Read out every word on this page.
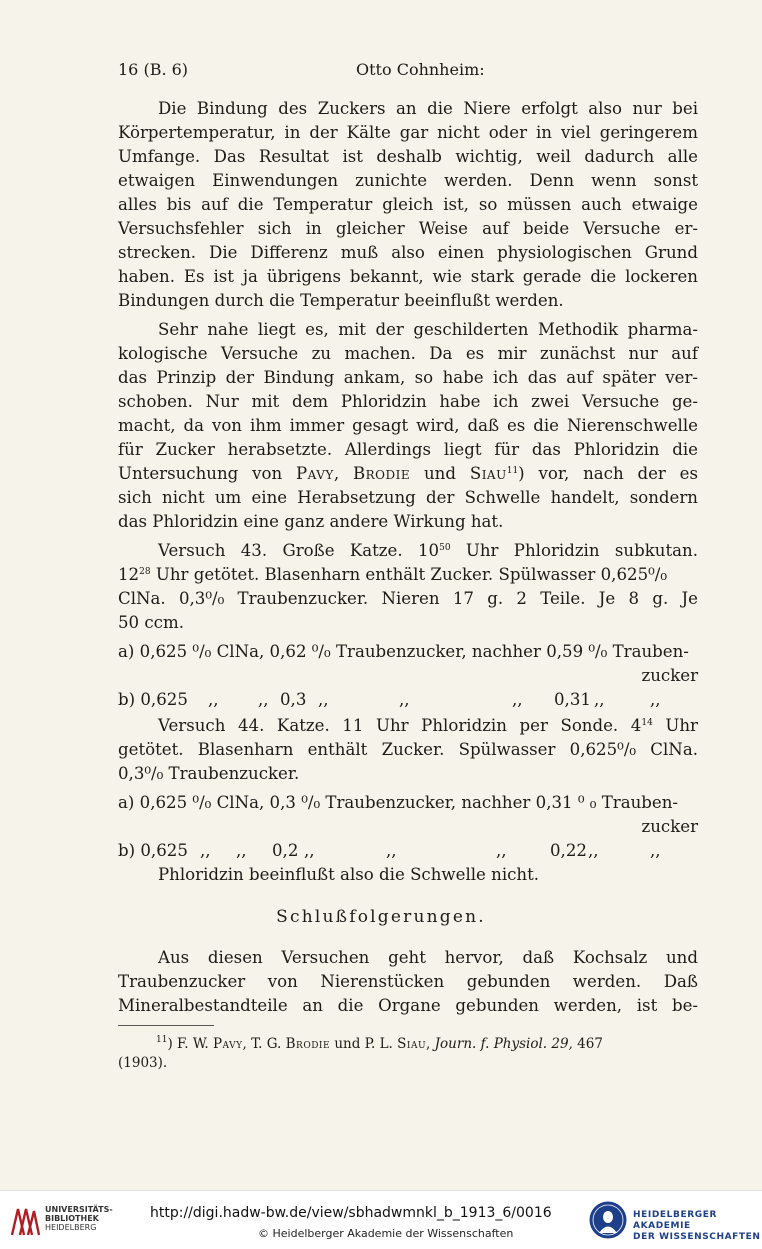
16 (B. 6)	Otto Cohnheim:
Die Bindung des Zuckers an die Niere erfolgt also nur bei
Körpertemperatur, in der Kälte gar nicht oder in viel geringerem
Umfange. Das Resultat ist deshalb wichtig, weil dadurch alle
etwaigen Einwendungen zunichte werden. Denn wenn sonst
alles bis auf die Temperatur gleich ist, so müssen auch etwaige
Versuchsfehler sich in gleicher Weise auf beide Versuche er-
strecken. Die Differenz muß also einen physiologischen Grund
haben. Es ist ja übrigens bekannt, wie stark gerade die lockeren
Bindungen durch die Temperatur beeinflußt werden.
Sehr nahe liegt es, mit der geschilderten Methodik pharma-
kologische Versuche zu machen. Da es mir zunächst nur auf
das Prinzip der Bindung ankam, so habe ich das auf später ver-
schoben. Nur mit dem Phloridzin habe ich zwei Versuche ge-
macht, da von ihm immer gesagt wird, daß es die Nierenschwelle
für Zucker herabsetzte. Allerdings liegt für das Phloridzin die
Untersuchung von Pavy, Brodie und Siau$^{11}$) vor, nach der es
sich nicht um eine Herabsetzung der Schwelle handelt, sondern
das Phloridzin eine ganz andere Wirkung hat.
Versuch 43. Große Katze. $10^{50}$ Uhr Phloridzin subkutan.
$12^{28}$ Uhr getötet. Blasenharn enthält Zucker. Spülwasser 0,625⁰/₀
ClNa. 0,3⁰/₀ Traubenzucker. Nieren 17 g. 2 Teile. Je 8 g. Je
50 ccm.
a) 0,625 ⁰/₀ ClNa, 0,62 ⁰/₀ Traubenzucker, nachher 0,59 ⁰/₀ Trauben-
zucker
b) 0,625 ,, ,, 0,3 ,,	,,	,, 0,31 ,,	,,
Versuch 44. Katze. 11 Uhr Phloridzin per Sonde. $4^{14}$ Uhr
getötet. Blasenharn enthält Zucker. Spülwasser 0,625⁰/₀ ClNa.
0,3⁰/₀ Traubenzucker.
a) 0,625 ⁰/₀ ClNa, 0,3 ⁰/₀ Traubenzucker, nachher 0,31 ⁰ ₀ Trauben-
zucker
b) 0,625 ,, ,, 0,2 ,,	,,	,,	0,22 ,,	,,
Phloridzin beeinflußt also die Schwelle nicht.
Schlußfolgerungen.
Aus diesen Versuchen geht hervor, daß Kochsalz und
Traubenzucker von Nierenstücken gebunden werden. Daß
Mineralbestandteile an die Organe gebunden werden, ist be-
$^{11}$) F. W. Pavy, T. G. Brodie und P. L. Siau, Journ. f. Physiol. 29, 467
(1903).
UNIVERSITÄTS-
BIBLIOTHEK
HEIDELBERG
http://digi.hadw-bw.de/view/sbhadwmnkl_b_1913_6/0016
© Heidelberger Akademie der Wissenschaften
HEIDELBERGER AKADEMIE
DER WISSENSCHAFTEN
